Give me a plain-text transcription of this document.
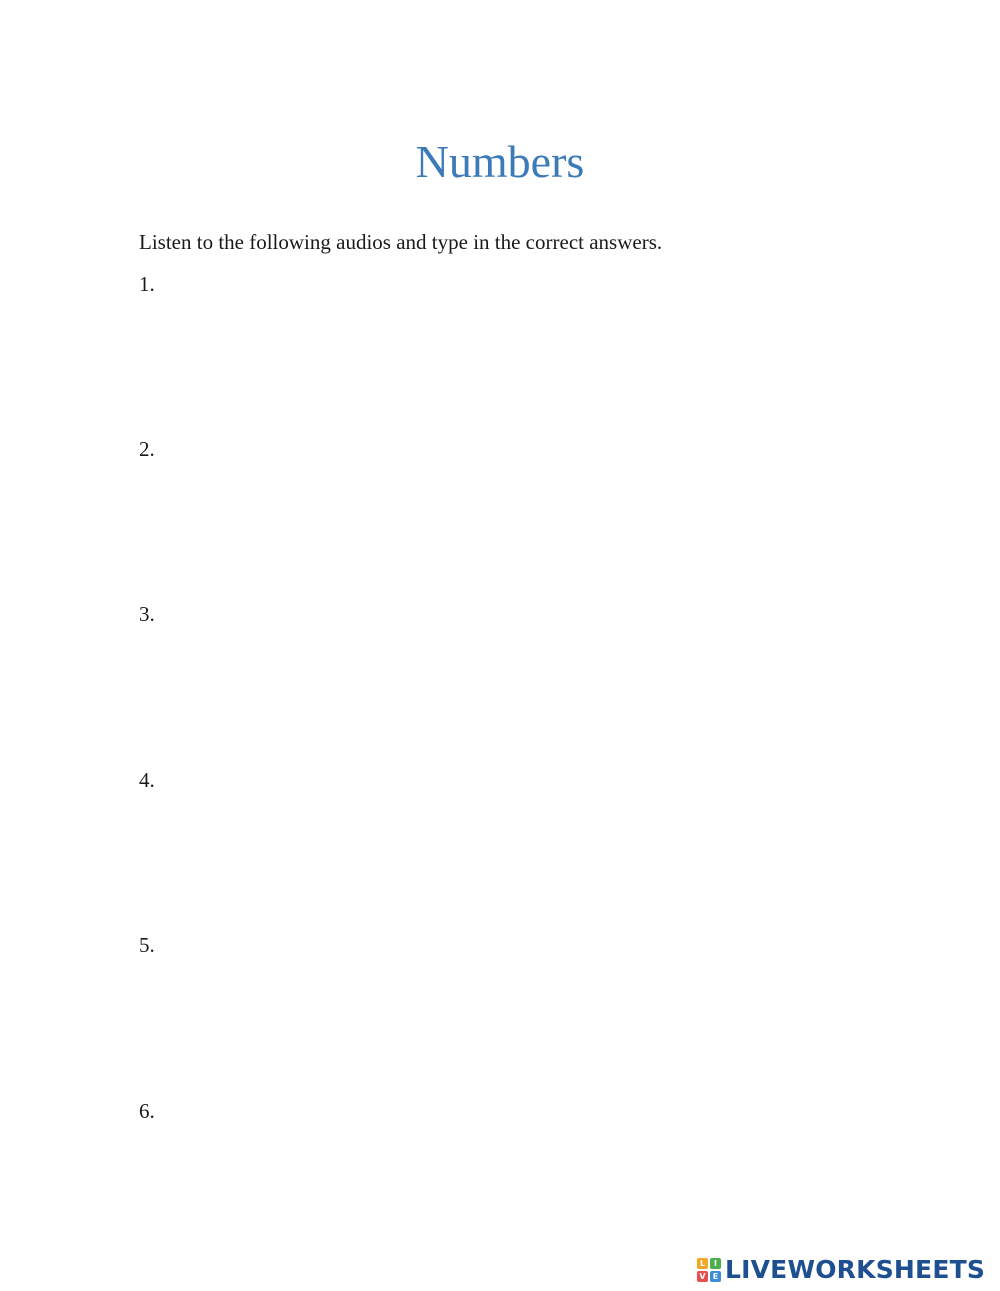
Numbers
Listen to the following audios and type in the correct answers.
1.
2.
3.
4.
5.
6.
L	I
V E LIVEWORKSHEETS
